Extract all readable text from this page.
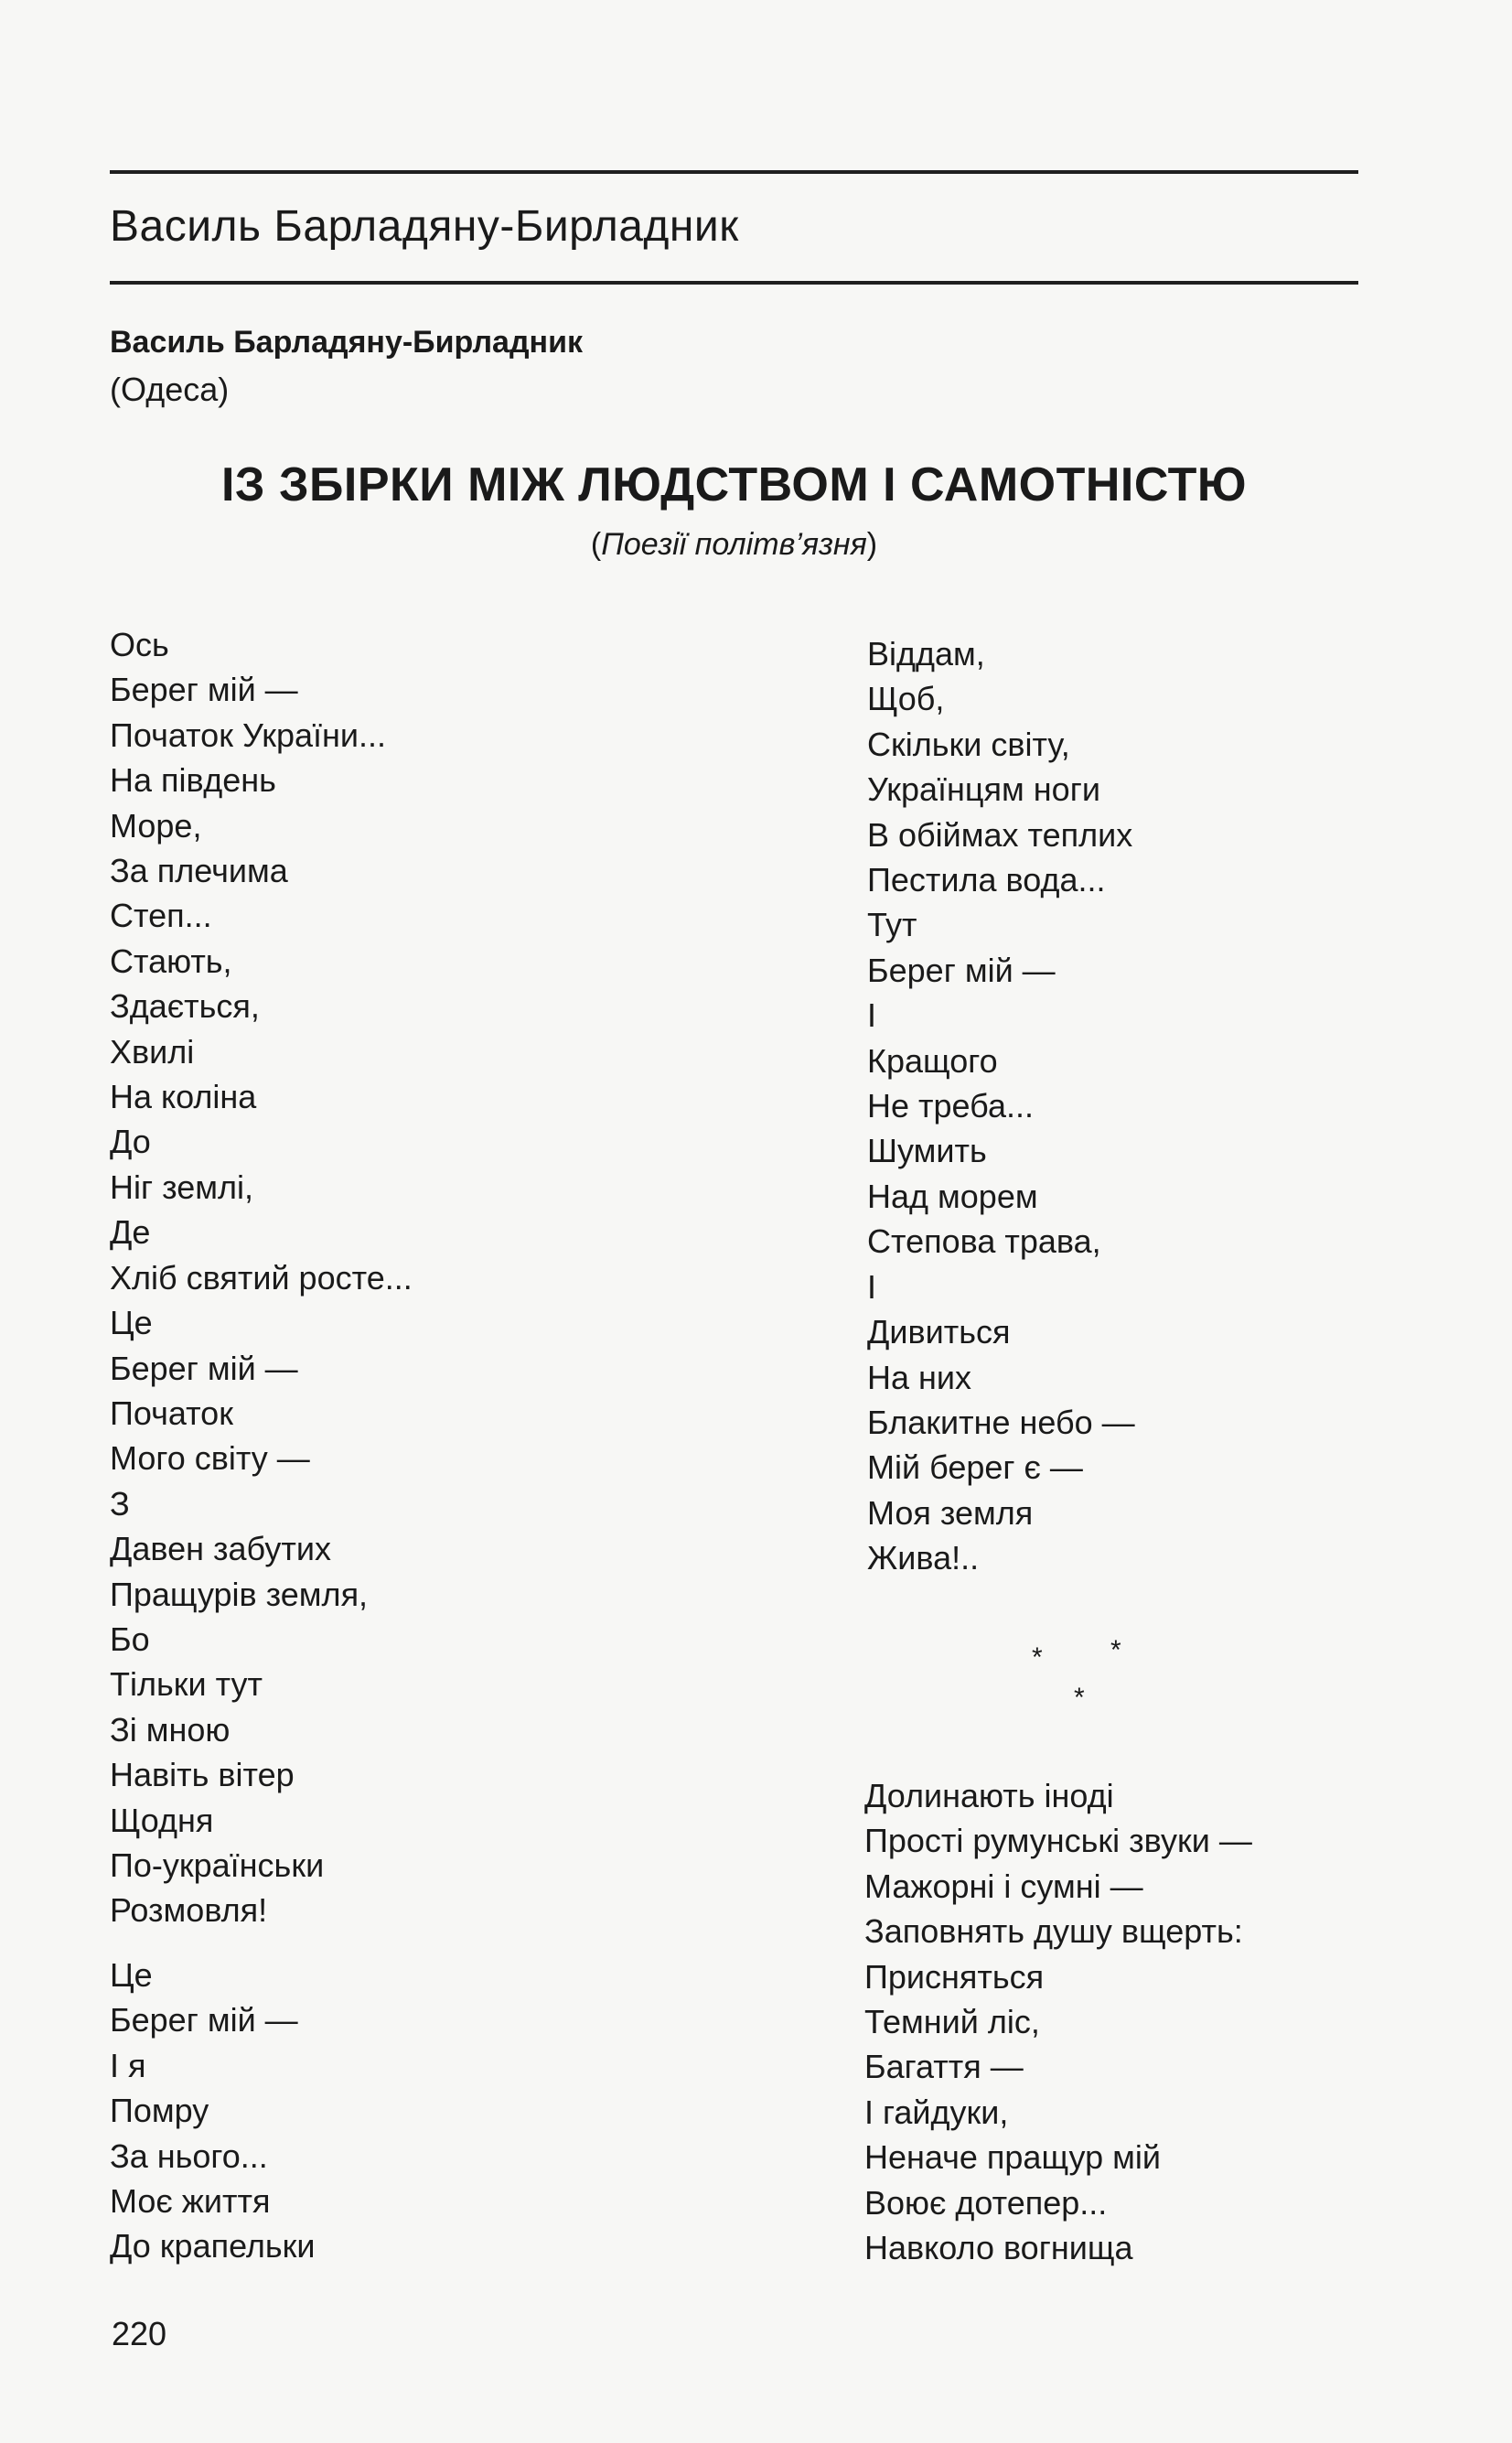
Василь Барладяну-Бирладник
Василь Барладяну-Бирладник
(Одеса)
ІЗ ЗБІРКИ МІЖ ЛЮДСТВОМ І САМОТНІСТЮ
(Поезії політв’язня)
Ось
Берег мій —
Початок України...
На південь
Море,
За плечима
Степ...
Стають,
Здається,
Хвилі
На коліна
До
Ніг землі,
Де
Хліб святий росте...
Це
Берег мій —
Початок
Мого світу —
З
Давен забутих
Пращурів земля,
Бо
Тільки тут
Зі мною
Навіть вітер
Щодня
По-українськи
Розмовля!
Це
Берег мій —
І я
Помру
За нього...
Моє життя
До крапельки
Віддам,
Щоб,
Скільки світу,
Українцям ноги
В обіймах теплих
Пестила вода...
Тут
Берег мій —
І
Кращого
Не треба...
Шумить
Над морем
Степова трава,
І
Дивиться
На них
Блакитне небо —
Мій берег є —
Моя земля
Жива!..
* *
*
Долинають іноді
Прості румунські звуки —
Мажорні і сумні —
Заповнять душу вщерть:
Присняться
Темний ліс,
Багаття —
І гайдуки,
Неначе пращур мій
Воює дотепер...
Навколо вогнища
220
